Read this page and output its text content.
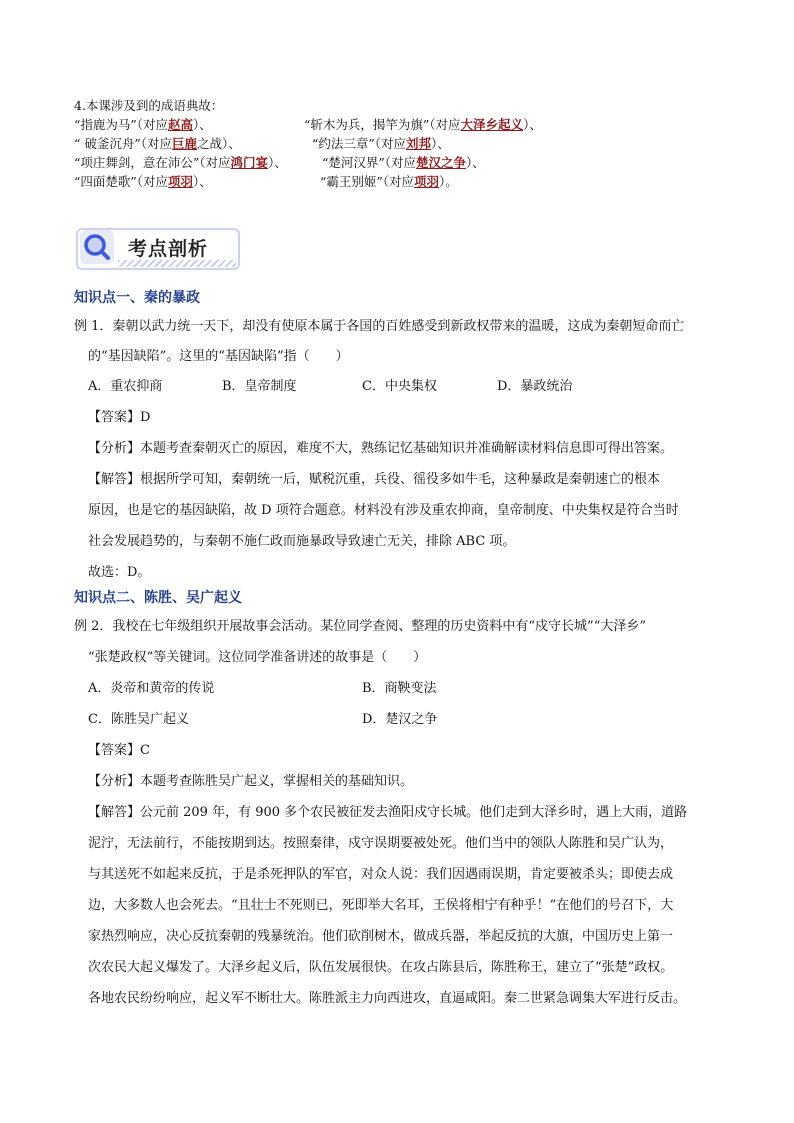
4.本课涉及到的成语典故：
“指鹿为马”（对应赵高）、	“斩木为兵，揭竿为旗”（对应大泽乡起义）、
“ 破釜沉舟”（对应巨鹿之战）、	“约法三章”（对应刘邦）、
“项庄舞剑，意在沛公”（对应鸿门宴）、	“楚河汉界”（对应楚汉之争）、
“四面楚歌”（对应项羽）、	“霸王别姬”（对应项羽）。
考点剖析
知识点一、秦的暴政
例 1．秦朝以武力统一天下，却没有使原本属于各国的百姓感受到新政权带来的温暖，这成为秦朝短命而亡
的“基因缺陷”。这里的“基因缺陷”指（　　）
A．重农抑商	B．皇帝制度	C．中央集权	D．暴政统治
【答案】D
【分析】本题考查秦朝灭亡的原因，难度不大，熟练记忆基础知识并准确解读材料信息即可得出答案。
【解答】根据所学可知，秦朝统一后，赋税沉重，兵役、徭役多如牛毛，这种暴政是秦朝速亡的根本
原因，也是它的基因缺陷，故 D 项符合题意。材料没有涉及重农抑商，皇帝制度、中央集权是符合当时
社会发展趋势的，与秦朝不施仁政而施暴政导致速亡无关，排除 ABC 项。
故选：D。
知识点二、陈胜、吴广起义
例 2．我校在七年级组织开展故事会活动。某位同学查阅、整理的历史资料中有“戍守长城”“大泽乡”
“张楚政权”等关键词。这位同学准备讲述的故事是（　　）
A．炎帝和黄帝的传说	B．商鞅变法
C．陈胜吴广起义	D．楚汉之争
【答案】C
【分析】本题考查陈胜吴广起义，掌握相关的基础知识。
【解答】公元前 209 年，有 900 多个农民被征发去渔阳戍守长城。他们走到大泽乡时，遇上大雨，道路
泥泞，无法前行，不能按期到达。按照秦律，戍守误期要被处死。他们当中的领队人陈胜和吴广认为，
与其送死不如起来反抗，于是杀死押队的军官，对众人说：我们因遇雨误期，肯定要被杀头；即使去成
边，大多数人也会死去。“且壮士不死则已，死即举大名耳，王侯将相宁有种乎！”在他们的号召下，大
家热烈响应，决心反抗秦朝的残暴统治。他们砍削树木，做成兵器，举起反抗的大旗，中国历史上第一
次农民大起义爆发了。大泽乡起义后，队伍发展很快。在攻占陈县后，陈胜称王，建立了“张楚”政权。
各地农民纷纷响应，起义军不断壮大。陈胜派主力向西进攻，直逼咸阳。秦二世紧急调集大军进行反击。
